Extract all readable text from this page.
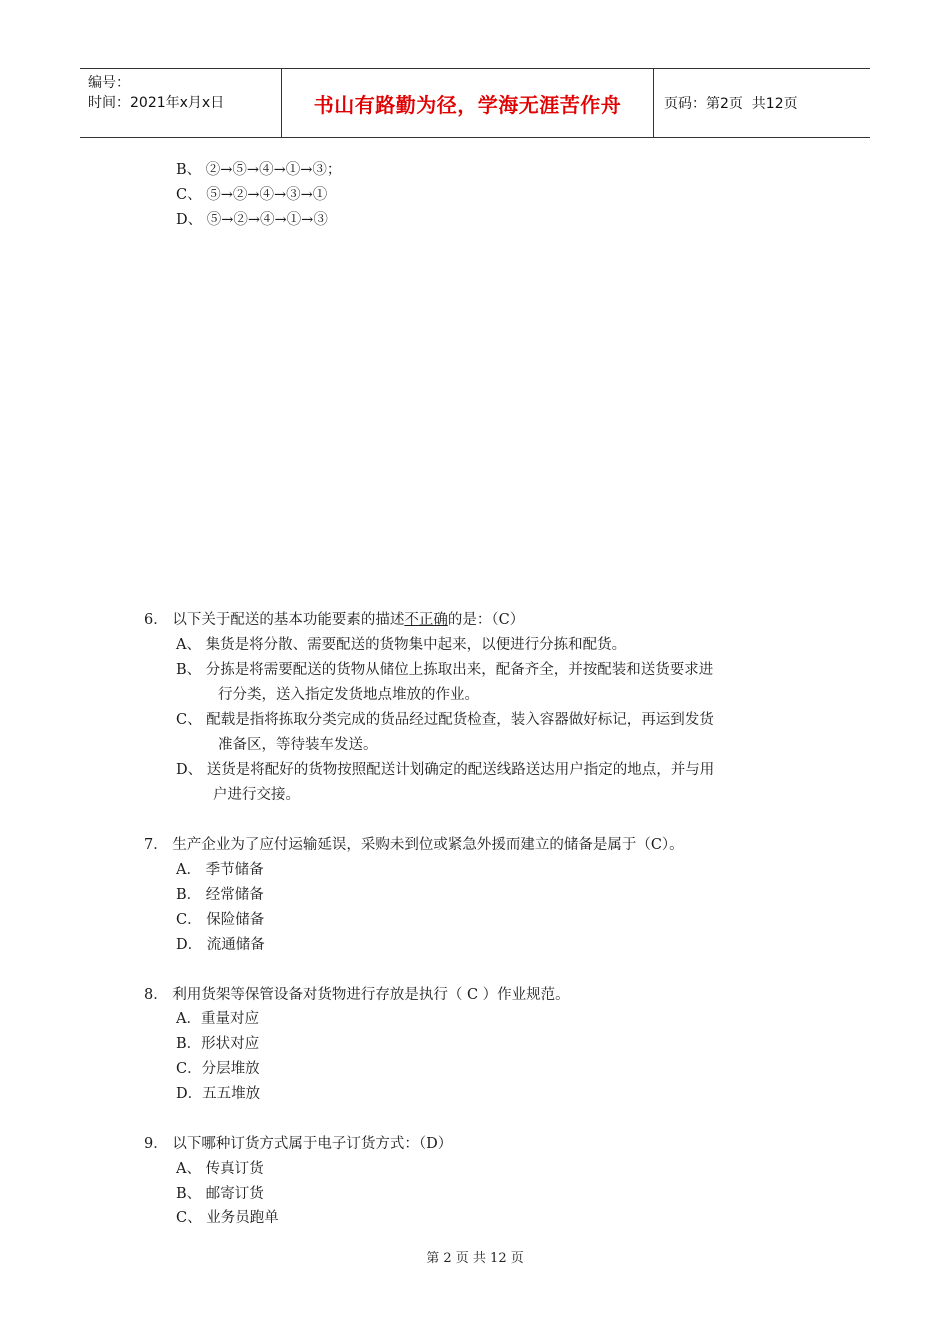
编号：
时间：2021年x月x日	书山有路勤为径，学海无涯苦作舟	页码：第2页  共12页
B、 ②→⑤→④→①→③；
C、 ⑤→②→④→③→①
D、 ⑤→②→④→①→③
6． 以下关于配送的基本功能要素的描述不正确的是：（C）
A、 集货是将分散、需要配送的货物集中起来，以便进行分拣和配货。
B、 分拣是将需要配送的货物从储位上拣取出来，配备齐全，并按配装和送货要求进
行分类，送入指定发货地点堆放的作业。
C、 配载是指将拣取分类完成的货品经过配货检查，装入容器做好标记，再运到发货
准备区，等待装车发送。
D、 送货是将配好的货物按照配送计划确定的配送线路送达用户指定的地点，并与用
户进行交接。
7． 生产企业为了应付运输延误，采购未到位或紧急外援而建立的储备是属于（C）。
A． 季节储备
B． 经常储备
C． 保险储备
D． 流通储备
8． 利用货架等保管设备对货物进行存放是执行（ C ）作业规范。
A．重量对应
B．形状对应
C．分层堆放
D．五五堆放
9． 以下哪种订货方式属于电子订货方式：（D）
A、 传真订货
B、 邮寄订货
C、 业务员跑单
第 2 页 共 12 页
